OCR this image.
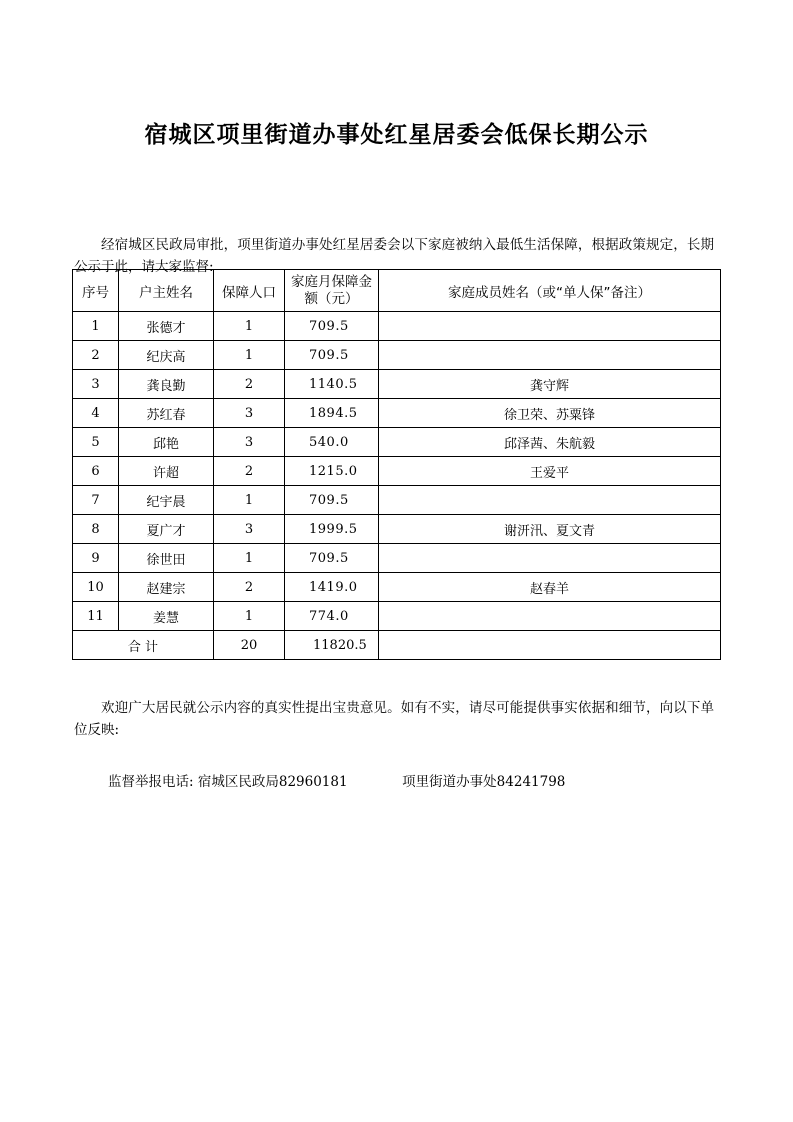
宿城区项里街道办事处红星居委会低保长期公示

经宿城区民政局审批，项里街道办事处红星居委会以下家庭被纳入最低生活保障，根据政策规定，长期公示于此，请大家监督:

序号	户主姓名	保障人口	家庭月保障金额（元）	家庭成员姓名（或“单人保”备注）
1	张德才	1	709.5	
2	纪庆高	1	709.5	
3	龚良勤	2	1140.5	龚守辉
4	苏红春	3	1894.5	徐卫荣、苏粟锋
5	邱艳	3	540.0	邱泽茜、朱航毅
6	许超	2	1215.0	王爱平
7	纪宇晨	1	709.5	
8	夏广才	3	1999.5	谢汧汛、夏文青
9	徐世田	1	709.5	
10	赵建宗	2	1419.0	赵春羊
11	姜慧	1	774.0	
合 计		20	11820.5	

欢迎广大居民就公示内容的真实性提出宝贵意见。如有不实，请尽可能提供事实依据和细节，向以下单位反映:

监督举报电话: 宿城区民政局82960181	项里街道办事处84241798
